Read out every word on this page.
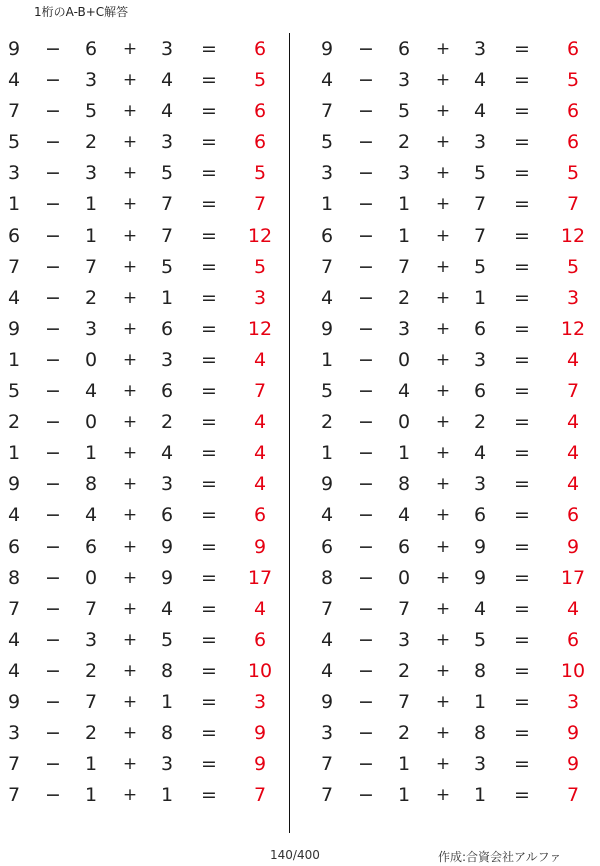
1桁のA-B+C解答
9	−	6	+	3	=	6
4	−	3	+	4	=	5
7	−	5	+	4	=	6
5	−	2	+	3	=	6
3	−	3	+	5	=	5
1	−	1	+	7	=	7
6	−	1	+	7	=	12
7	−	7	+	5	=	5
4	−	2	+	1	=	3
9	−	3	+	6	=	12
1	−	0	+	3	=	4
5	−	4	+	6	=	7
2	−	0	+	2	=	4
1	−	1	+	4	=	4
9	−	8	+	3	=	4
4	−	4	+	6	=	6
6	−	6	+	9	=	9
8	−	0	+	9	=	17
7	−	7	+	4	=	4
4	−	3	+	5	=	6
4	−	2	+	8	=	10
9	−	7	+	1	=	3
3	−	2	+	8	=	9
7	−	1	+	3	=	9
7	−	1	+	1	=	7
9	−	6	+	3	=	6
4	−	3	+	4	=	5
7	−	5	+	4	=	6
5	−	2	+	3	=	6
3	−	3	+	5	=	5
1	−	1	+	7	=	7
6	−	1	+	7	=	12
7	−	7	+	5	=	5
4	−	2	+	1	=	3
9	−	3	+	6	=	12
1	−	0	+	3	=	4
5	−	4	+	6	=	7
2	−	0	+	2	=	4
1	−	1	+	4	=	4
9	−	8	+	3	=	4
4	−	4	+	6	=	6
6	−	6	+	9	=	9
8	−	0	+	9	=	17
7	−	7	+	4	=	4
4	−	3	+	5	=	6
4	−	2	+	8	=	10
9	−	7	+	1	=	3
3	−	2	+	8	=	9
7	−	1	+	3	=	9
7	−	1	+	1	=	7
140/400	作成:合資会社アルファ
